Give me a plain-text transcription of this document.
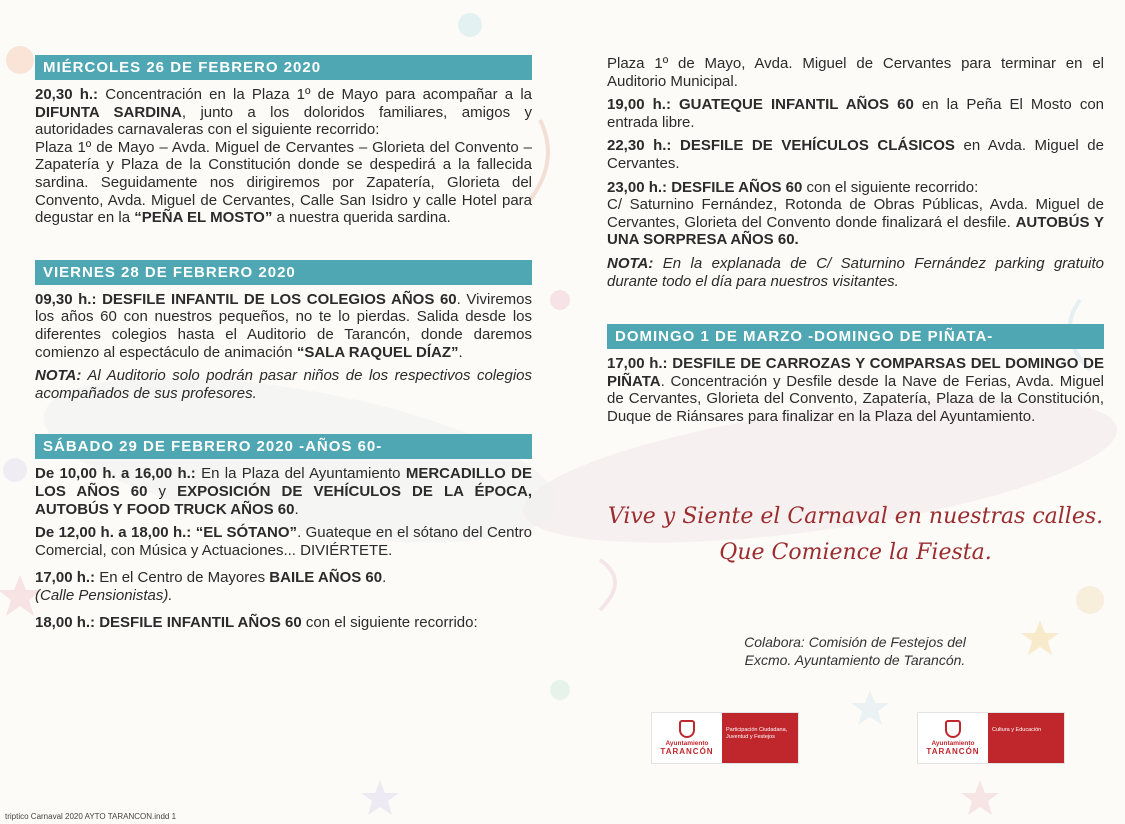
MIÉRCOLES 26 DE FEBRERO 2020

20,30 h.: Concentración en la Plaza 1º de Mayo para acompañar a la DIFUNTA SARDINA, junto a los doloridos familiares, amigos y autoridades carnavaleras con el siguiente recorrido:

Plaza 1º de Mayo – Avda. Miguel de Cervantes – Glorieta del Convento – Zapatería y Plaza de la Constitución donde se despedirá a la fallecida sardina. Seguidamente nos dirigiremos por Zapatería, Glorieta del Convento, Avda. Miguel de Cervantes, Calle San Isidro y calle Hotel para degustar en la “PEÑA EL MOSTO” a nuestra querida sardina.

VIERNES 28 DE FEBRERO 2020

09,30 h.: DESFILE INFANTIL DE LOS COLEGIOS AÑOS 60. Viviremos los años 60 con nuestros pequeños, no te lo pierdas. Salida desde los diferentes colegios hasta el Auditorio de Tarancón, donde daremos comienzo al espectáculo de animación “SALA RAQUEL DÍAZ”.

NOTA: Al Auditorio solo podrán pasar niños de los respectivos colegios acompañados de sus profesores.

SÁBADO 29 DE FEBRERO 2020 -AÑOS 60-

De 10,00 h. a 16,00 h.: En la Plaza del Ayuntamiento MERCADILLO DE LOS AÑOS 60 y EXPOSICIÓN DE VEHÍCULOS DE LA ÉPOCA, AUTOBÚS Y FOOD TRUCK AÑOS 60.

De 12,00 h. a 18,00 h.: “EL SÓTANO”. Guateque en el sótano del Centro Comercial, con Música y Actuaciones... DIVIÉRTETE.

17,00 h.: En el Centro de Mayores BAILE AÑOS 60.
(Calle Pensionistas).

18,00 h.: DESFILE INFANTIL AÑOS 60 con el siguiente recorrido:

Plaza 1º de Mayo, Avda. Miguel de Cervantes para terminar en el Auditorio Municipal.

19,00 h.: GUATEQUE INFANTIL AÑOS 60 en la Peña El Mosto con entrada libre.

22,30 h.: DESFILE DE VEHÍCULOS CLÁSICOS en Avda. Miguel de Cervantes.

23,00 h.: DESFILE AÑOS 60 con el siguiente recorrido:
C/ Saturnino Fernández, Rotonda de Obras Públicas, Avda. Miguel de Cervantes, Glorieta del Convento donde finalizará el desfile. AUTOBÚS Y UNA SORPRESA AÑOS 60.

NOTA: En la explanada de C/ Saturnino Fernández parking gratuito durante todo el día para nuestros visitantes.

DOMINGO 1 DE MARZO -DOMINGO DE PIÑATA-

17,00 h.: DESFILE DE CARROZAS Y COMPARSAS DEL DOMINGO DE PIÑATA. Concentración y Desfile desde la Nave de Ferias, Avda. Miguel de Cervantes, Glorieta del Convento, Zapatería, Plaza de la Constitución, Duque de Riánsares para finalizar en la Plaza del Ayuntamiento.

Vive y Siente el Carnaval en nuestras calles.
Que Comience la Fiesta.
Colabora: Comisión de Festejos del
Excmo. Ayuntamiento de Tarancón.
Ayuntamiento
TARANCÓN
Participación Ciudadana, Juventud y Festejos
Ayuntamiento
TARANCÓN
Cultura y Educación
triptico Carnaval 2020 AYTO TARANCON.indd 1
